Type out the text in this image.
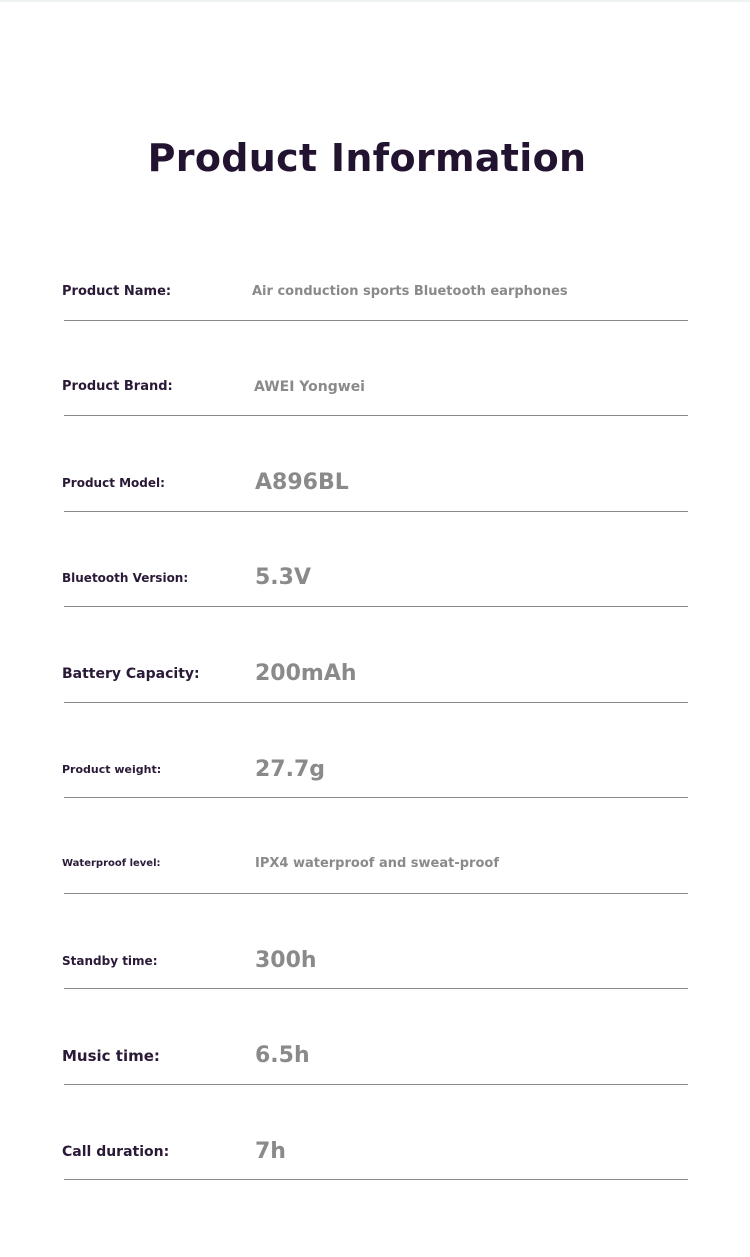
Product Information
Product Name:	Air conduction sports Bluetooth earphones
Product Brand:	AWEI Yongwei
Product Model:	A896BL
Bluetooth Version:	5.3V
Battery Capacity:	200mAh
Product weight:	27.7g
Waterproof level:	IPX4 waterproof and sweat-proof
Standby time:	300h
Music time:	6.5h
Call duration:	7h
